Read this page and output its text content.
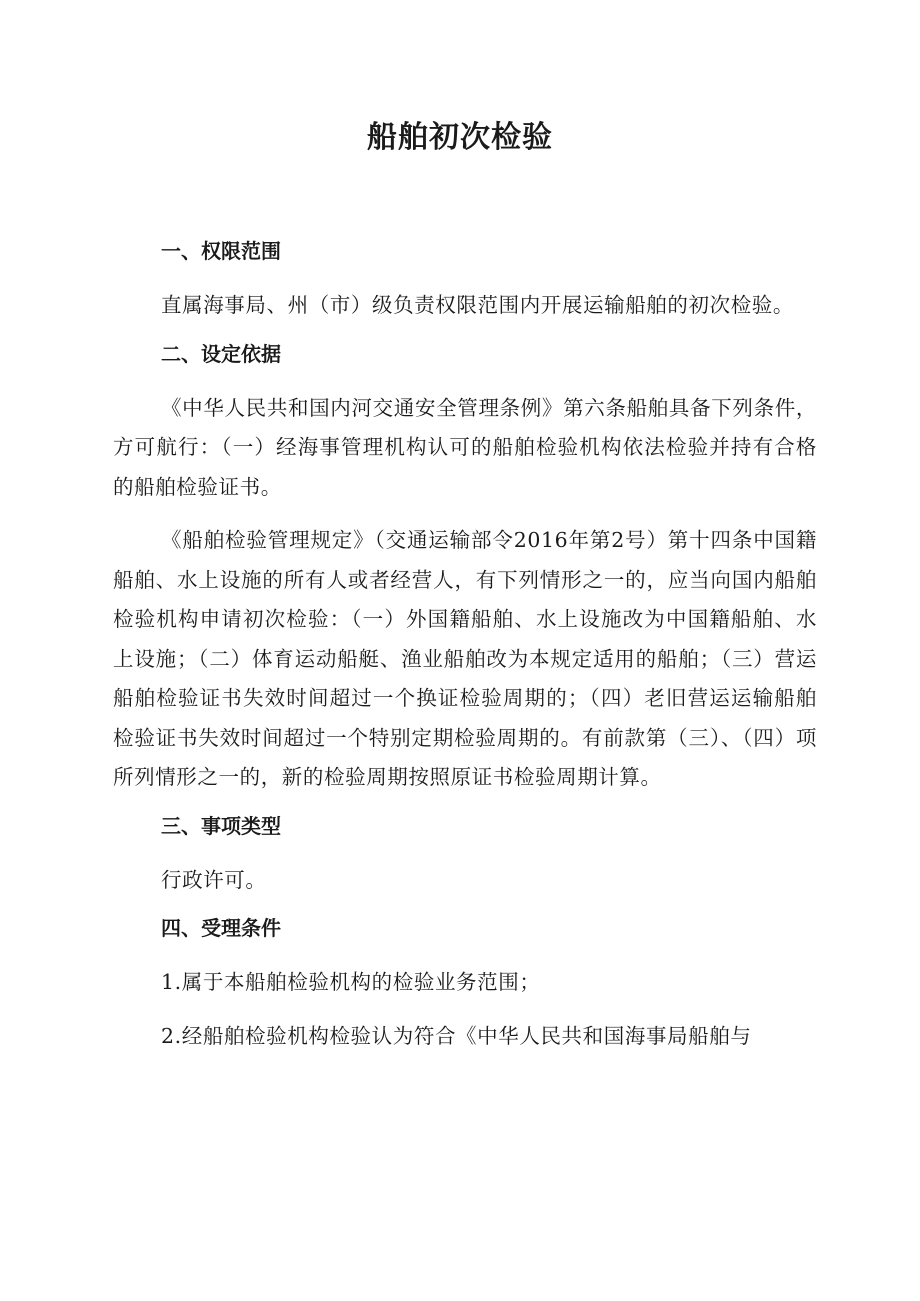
船舶初次检验

一、权限范围

直属海事局、州（市）级负责权限范围内开展运输船舶的初次检验。

二、设定依据

《中华人民共和国内河交通安全管理条例》第六条船舶具备下列条件，方可航行：（一）经海事管理机构认可的船舶检验机构依法检验并持有合格的船舶检验证书。

《船舶检验管理规定》（交通运输部令2016年第2号）第十四条中国籍船舶、水上设施的所有人或者经营人，有下列情形之一的，应当向国内船舶检验机构申请初次检验：（一）外国籍船舶、水上设施改为中国籍船舶、水上设施；（二）体育运动船艇、渔业船舶改为本规定适用的船舶；（三）营运船舶检验证书失效时间超过一个换证检验周期的；（四）老旧营运运输船舶检验证书失效时间超过一个特别定期检验周期的。有前款第（三）、（四）项所列情形之一的，新的检验周期按照原证书检验周期计算。

三、事项类型

行政许可。

四、受理条件

1.属于本船舶检验机构的检验业务范围；

2.经船舶检验机构检验认为符合《中华人民共和国海事局船舶与
